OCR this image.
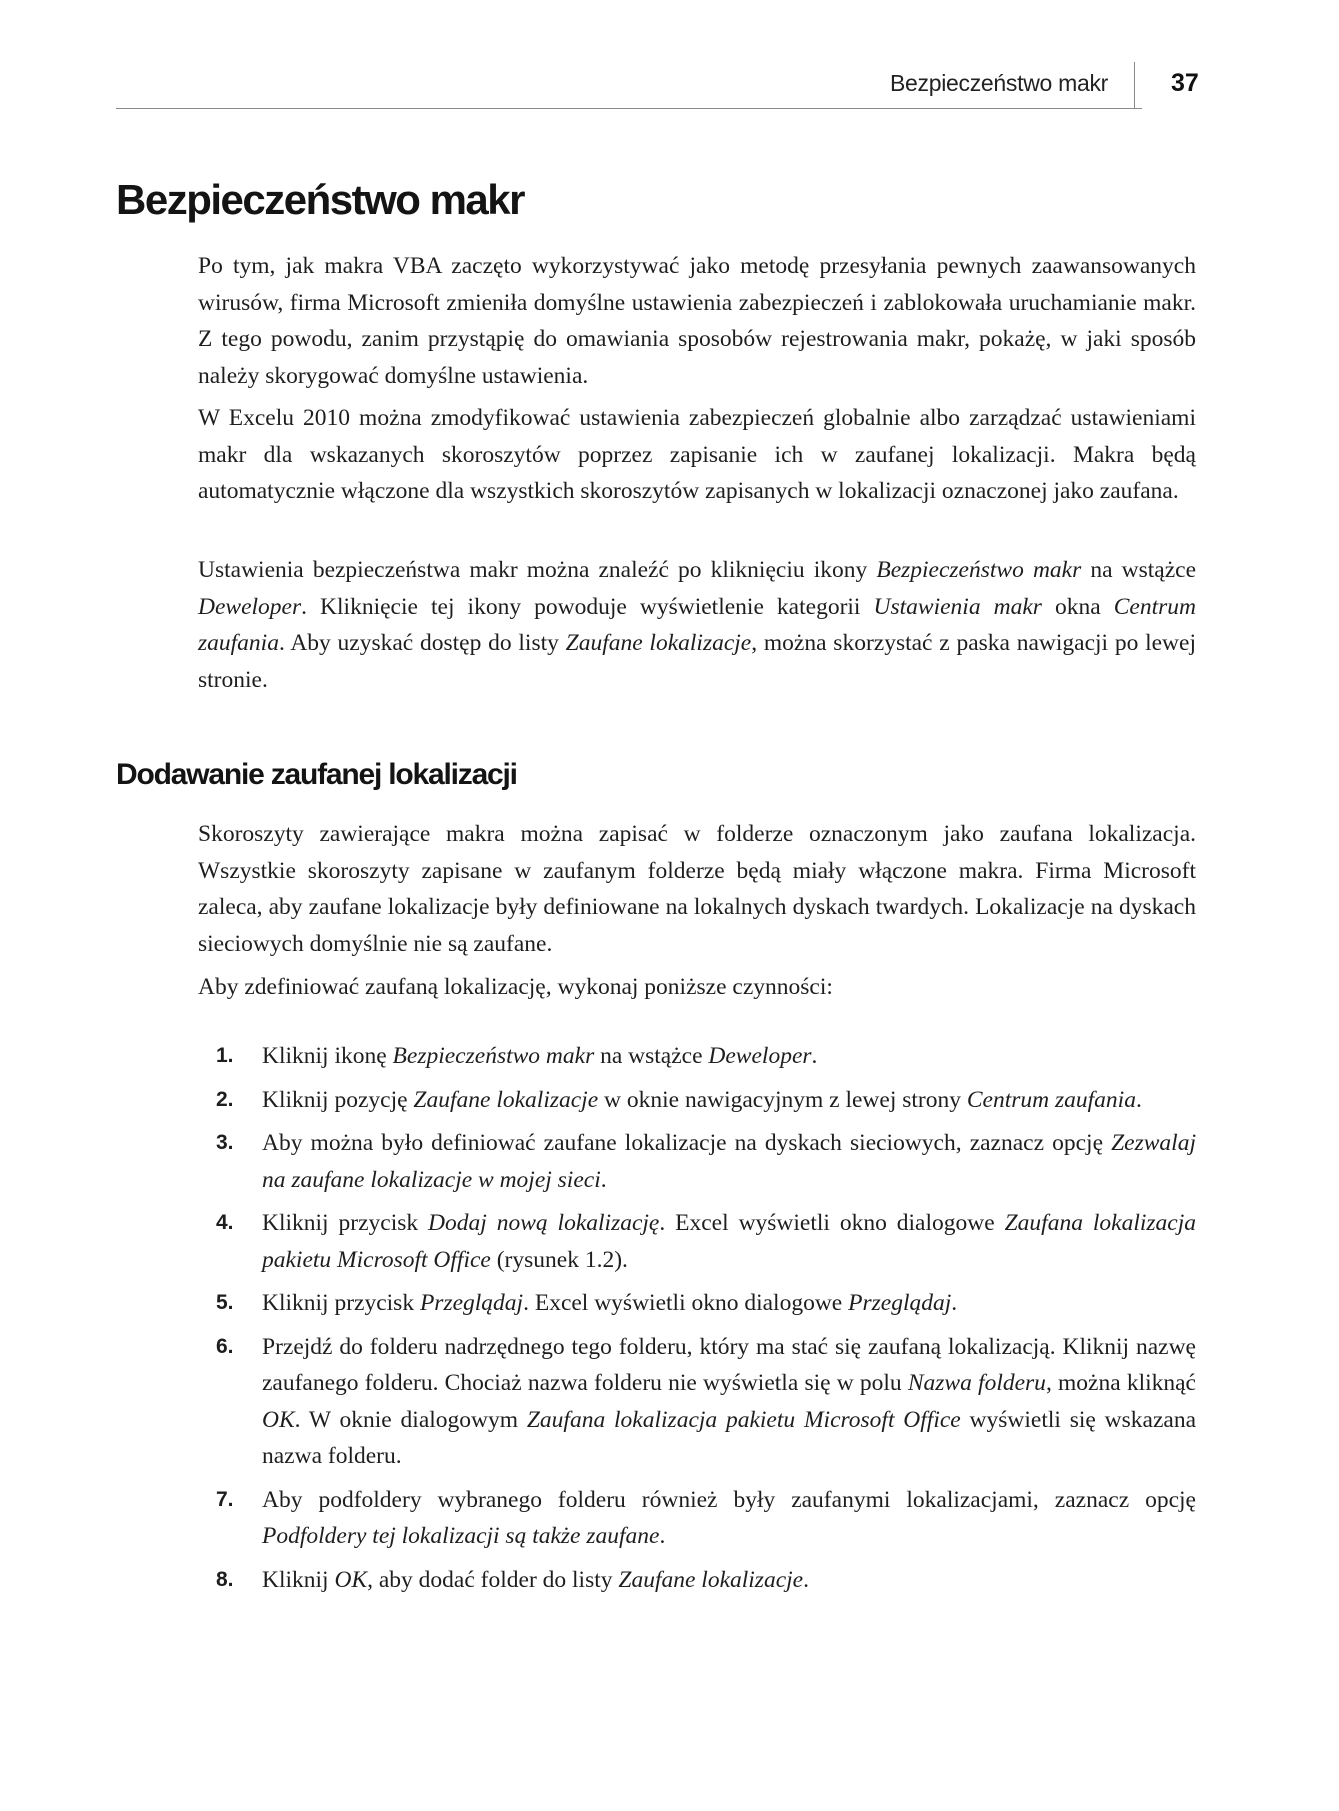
Bezpieczeństwo makr	37
Bezpieczeństwo makr

Po tym, jak makra VBA zaczęto wykorzystywać jako metodę przesyłania pewnych zaawansowanych wirusów, firma Microsoft zmieniła domyślne ustawienia zabezpieczeń i zablokowała uruchamianie makr. Z tego powodu, zanim przystąpię do omawiania sposobów rejestrowania makr, pokażę, w jaki sposób należy skorygować domyślne ustawienia.

W Excelu 2010 można zmodyfikować ustawienia zabezpieczeń globalnie albo zarządzać ustawieniami makr dla wskazanych skoroszytów poprzez zapisanie ich w zaufanej lokalizacji. Makra będą automatycznie włączone dla wszystkich skoroszytów zapisanych w lokalizacji oznaczonej jako zaufana.

Ustawienia bezpieczeństwa makr można znaleźć po kliknięciu ikony Bezpieczeństwo makr na wstążce Deweloper. Kliknięcie tej ikony powoduje wyświetlenie kategorii Ustawienia makr okna Centrum zaufania. Aby uzyskać dostęp do listy Zaufane lokalizacje, można skorzystać z paska nawigacji po lewej stronie.

Dodawanie zaufanej lokalizacji

Skoroszyty zawierające makra można zapisać w folderze oznaczonym jako zaufana lokalizacja. Wszystkie skoroszyty zapisane w zaufanym folderze będą miały włączone makra. Firma Microsoft zaleca, aby zaufane lokalizacje były definiowane na lokalnych dyskach twardych. Lokalizacje na dyskach sieciowych domyślnie nie są zaufane.

Aby zdefiniować zaufaną lokalizację, wykonaj poniższe czynności:

1. Kliknij ikonę Bezpieczeństwo makr na wstążce Deweloper.
2. Kliknij pozycję Zaufane lokalizacje w oknie nawigacyjnym z lewej strony Centrum zaufania.
3. Aby można było definiować zaufane lokalizacje na dyskach sieciowych, zaznacz opcję Zezwalaj na zaufane lokalizacje w mojej sieci.
4. Kliknij przycisk Dodaj nową lokalizację. Excel wyświetli okno dialogowe Zaufana lokalizacja pakietu Microsoft Office (rysunek 1.2).
5. Kliknij przycisk Przeglądaj. Excel wyświetli okno dialogowe Przeglądaj.
6. Przejdź do folderu nadrzędnego tego folderu, który ma stać się zaufaną lokalizacją. Kliknij nazwę zaufanego folderu. Chociaż nazwa folderu nie wyświetla się w polu Nazwa folderu, można kliknąć OK. W oknie dialogowym Zaufana lokalizacja pakietu Microsoft Office wyświetli się wskazana nazwa folderu.
7. Aby podfoldery wybranego folderu również były zaufanymi lokalizacjami, zaznacz opcję Podfoldery tej lokalizacji są także zaufane.
8. Kliknij OK, aby dodać folder do listy Zaufane lokalizacje.
